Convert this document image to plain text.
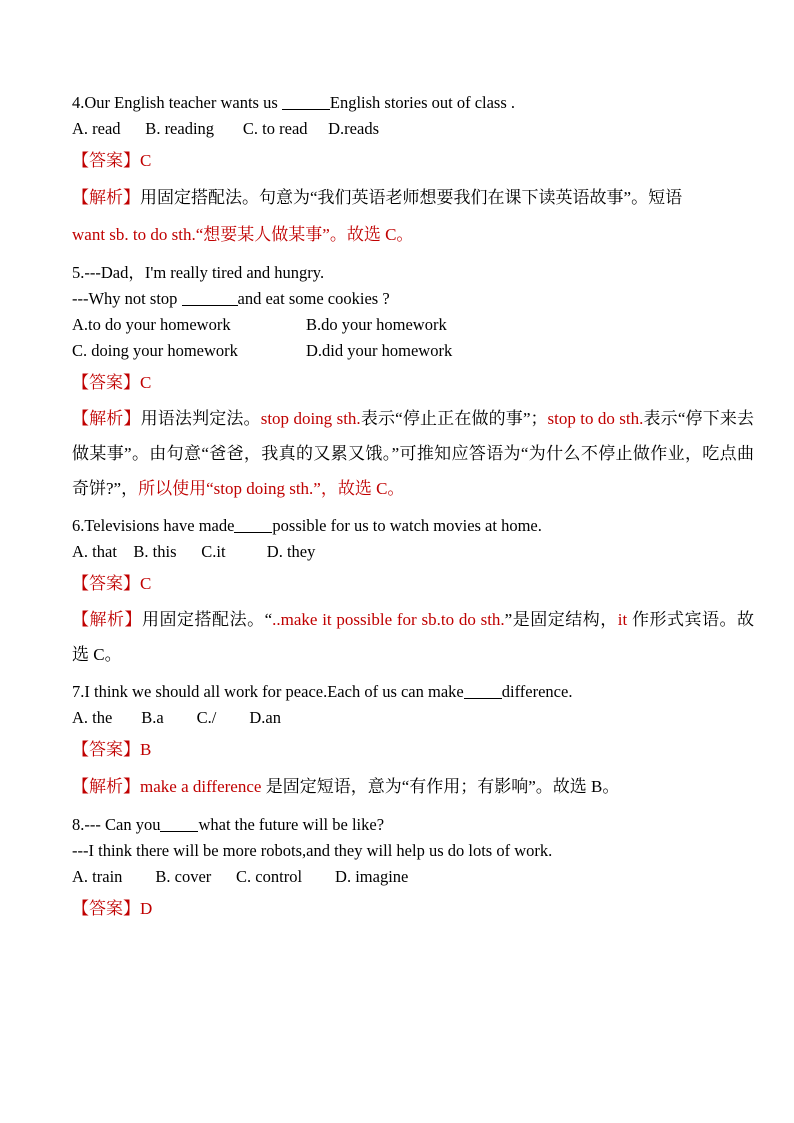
4.Our English teacher wants us	English stories out of class .
A. read      B. reading       C. to read     D.reads
【答案】C
【解析】用固定搭配法。句意为“我们英语老师想要我们在课下读英语故事”。短语
want sb. to do sth.“想要某人做某事”。故选 C。
5.---Dad，I'm really tired and hungry.
---Why not stop	and eat some cookies ?
A.to do your homework	B.do your homework
C. doing your homework	D.did your homework
【答案】C
【解析】用语法判定法。stop doing sth.表示“停止正在做的事”；stop to do sth.表示“停下来去做某事”。由句意“爸爸，我真的又累又饿。”可推知应答语为“为什么不停止做作业，吃点曲奇饼?”，所以使用“stop doing sth.”，故选 C。
6.Televisions have made possible for us to watch movies at home.
A. that    B. this      C.it          D. they
【答案】C
【解析】用固定搭配法。“..make it possible for sb.to do sth.”是固定结构，it 作形式宾语。故选 C。
7.I think we should all work for peace.Each of us can make difference.
A. the       B.a        C./        D.an
【答案】B
【解析】make a difference 是固定短语，意为“有作用；有影响”。故选 B。
8.--- Can you what the future will be like?
---I think there will be more robots,and they will help us do lots of work.
A. train        B. cover      C. control        D. imagine
【答案】D
